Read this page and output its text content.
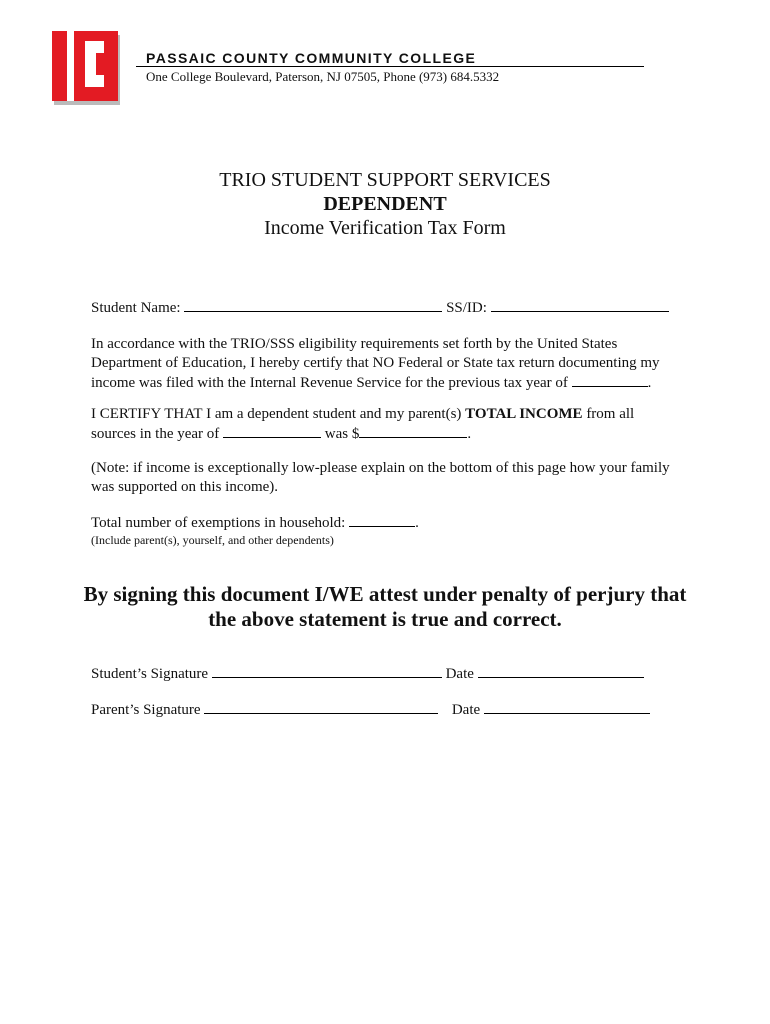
PASSAIC COUNTY COMMUNITY COLLEGE
One College Boulevard, Paterson, NJ 07505, Phone (973) 684.5332
TRIO STUDENT SUPPORT SERVICES
DEPENDENT
Income Verification Tax Form
Student Name:	SS/ID:
In accordance with the TRIO/SSS eligibility requirements set forth by the United States
Department of Education, I hereby certify that NO Federal or State tax return documenting my
income was filed with the Internal Revenue Service for the previous tax year of	.
I CERTIFY THAT I am a dependent student and my parent(s) TOTAL INCOME from all
sources in the year of	was $	.
(Note: if income is exceptionally low-please explain on the bottom of this page how your family
was supported on this income).
Total number of exemptions in household:	.
(Include parent(s), yourself, and other dependents)
By signing this document I/WE attest under penalty of perjury that
the above statement is true and correct.
Student’s Signature	Date
Parent’s Signature	Date
